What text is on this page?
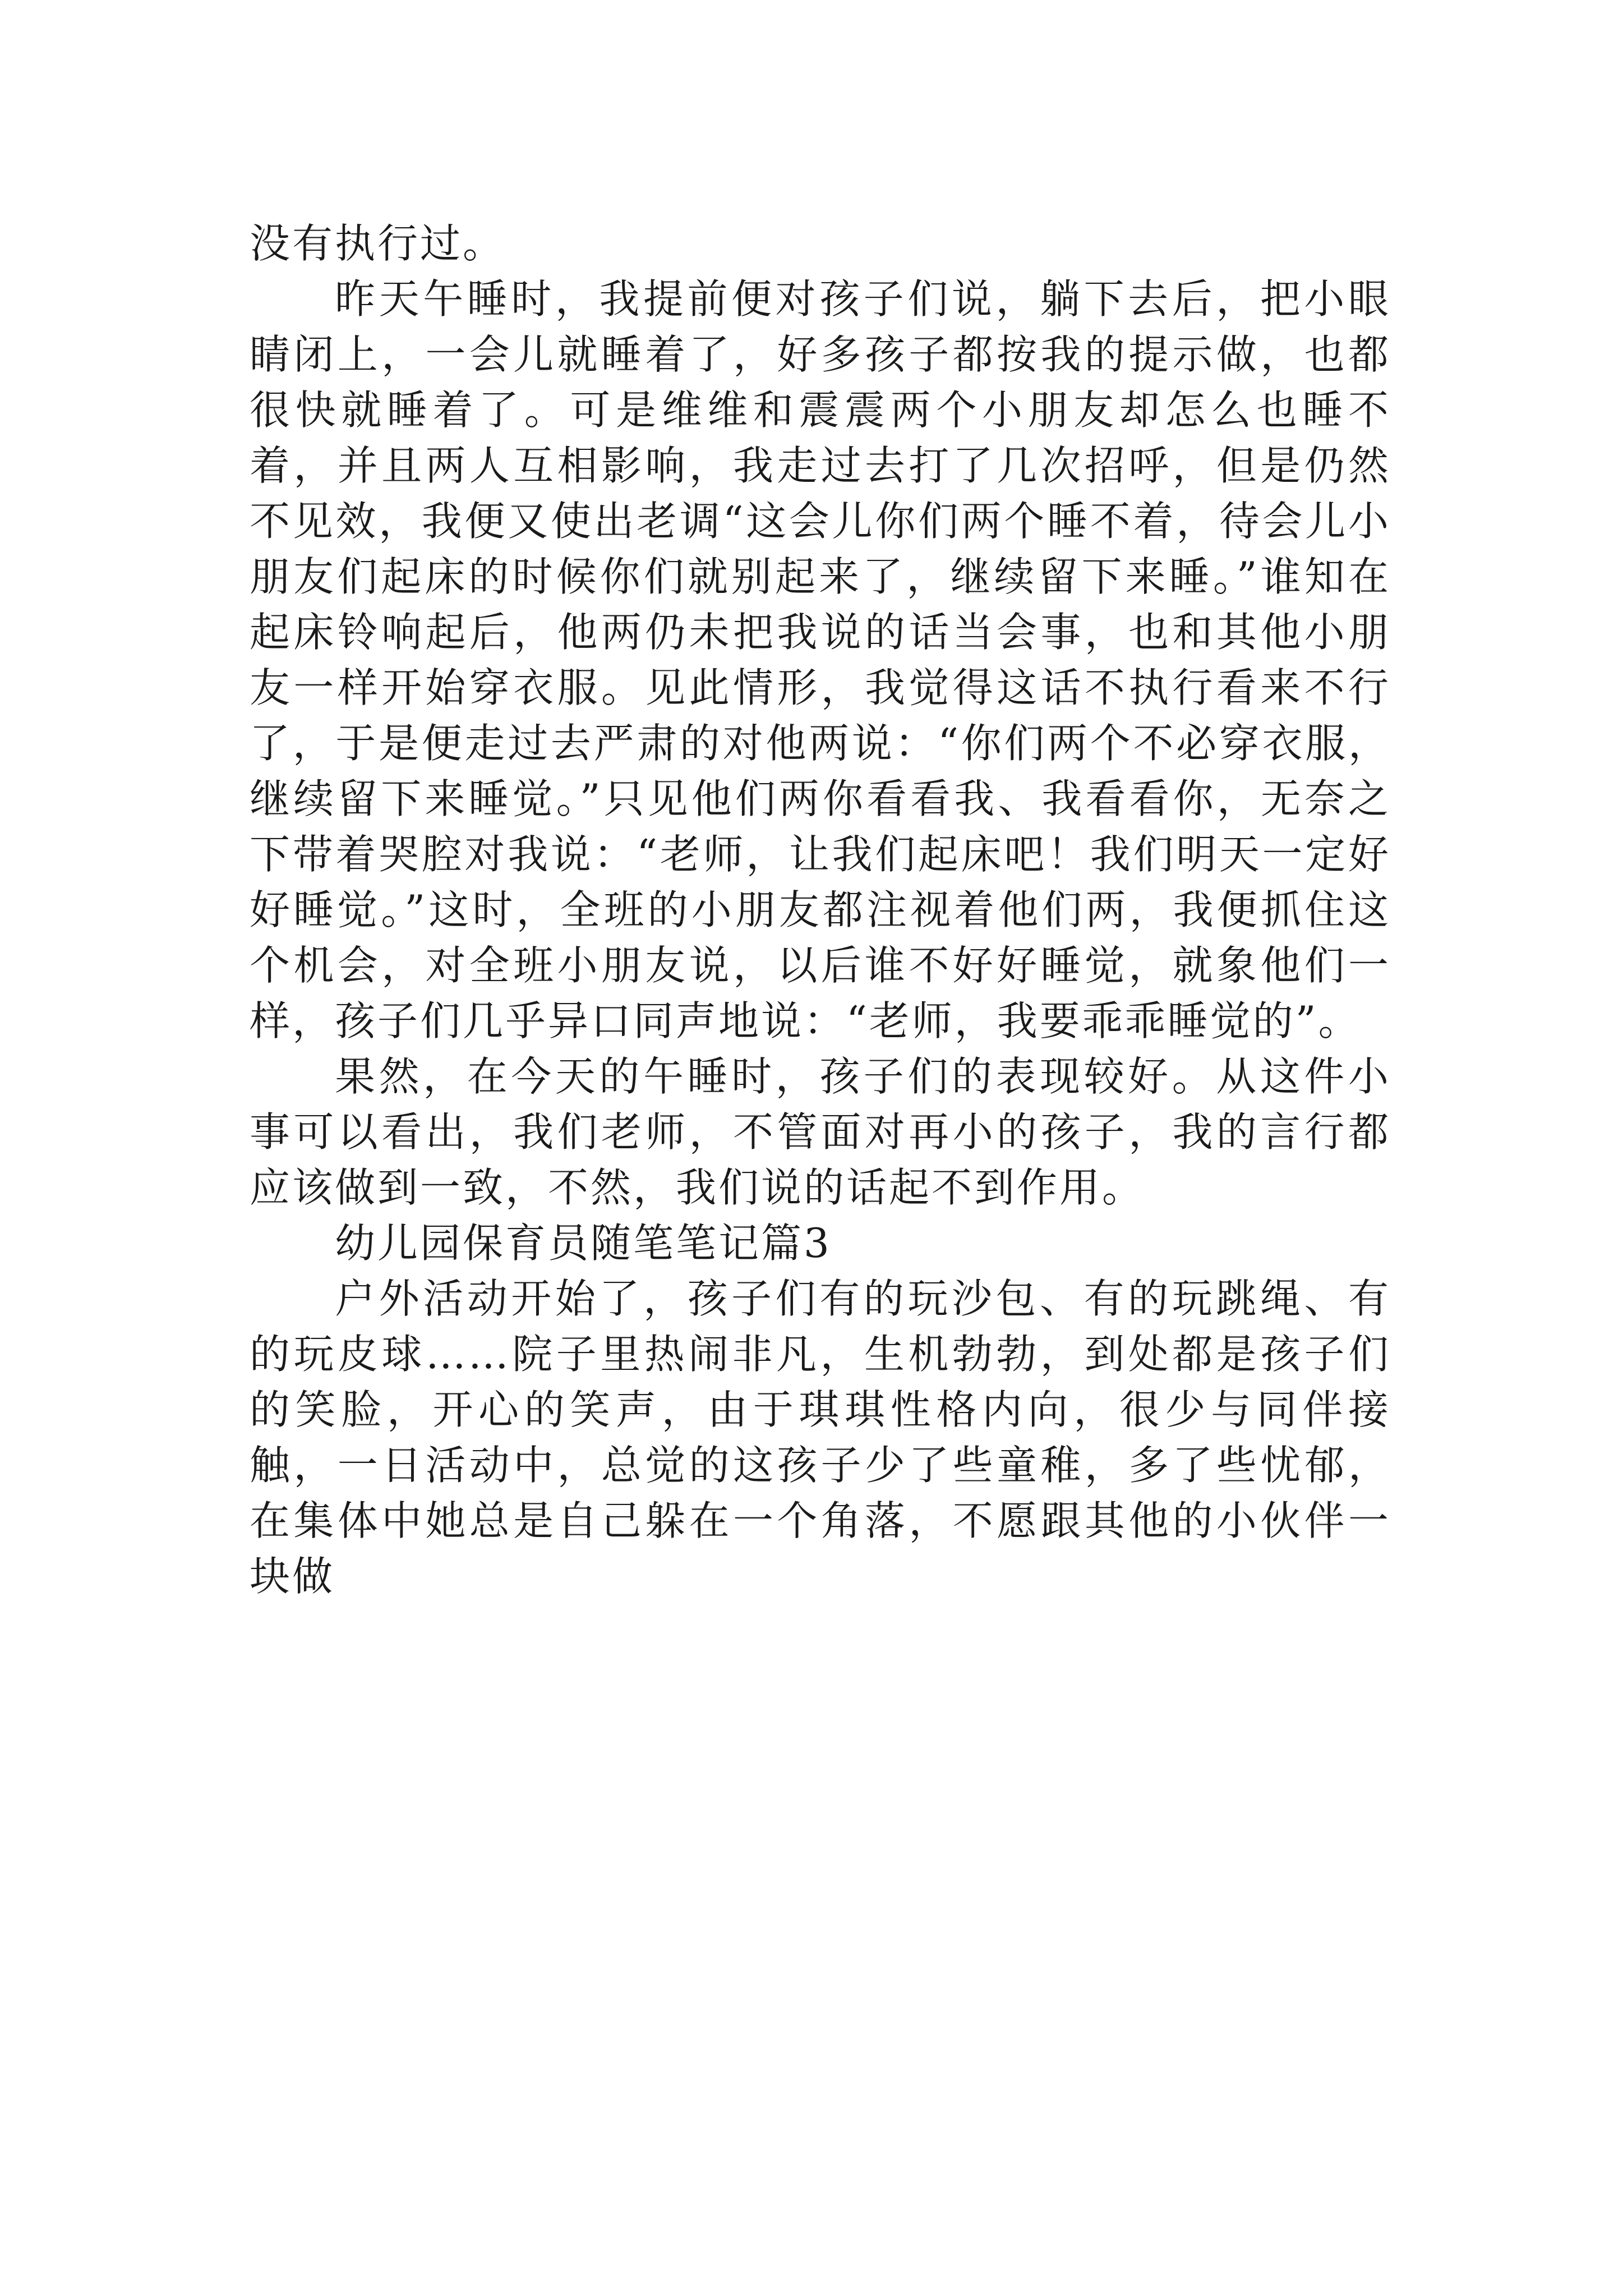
没有执行过。

昨天午睡时，我提前便对孩子们说，躺下去后，把小眼睛闭上，一会儿就睡着了，好多孩子都按我的提示做，也都很快就睡着了。可是维维和震震两个小朋友却怎么也睡不着，并且两人互相影响，我走过去打了几次招呼，但是仍然不见效，我便又使出老调“这会儿你们两个睡不着，待会儿小朋友们起床的时候你们就别起来了，继续留下来睡。”谁知在起床铃响起后，他两仍未把我说的话当会事，也和其他小朋友一样开始穿衣服。见此情形，我觉得这话不执行看来不行了，于是便走过去严肃的对他两说：“你们两个不必穿衣服，继续留下来睡觉。”只见他们两你看看我、我看看你，无奈之下带着哭腔对我说：“老师，让我们起床吧！我们明天一定好好睡觉。”这时，全班的小朋友都注视着他们两，我便抓住这个机会，对全班小朋友说，以后谁不好好睡觉，就象他们一样，孩子们几乎异口同声地说：“老师，我要乖乖睡觉的”。

果然，在今天的午睡时，孩子们的表现较好。从这件小事可以看出，我们老师，不管面对再小的孩子，我的言行都应该做到一致，不然，我们说的话起不到作用。

幼儿园保育员随笔笔记篇3

户外活动开始了，孩子们有的玩沙包、有的玩跳绳、有的玩皮球……院子里热闹非凡，生机勃勃，到处都是孩子们的笑脸，开心的笑声，由于琪琪性格内向，很少与同伴接触，一日活动中，总觉的这孩子少了些童稚，多了些忧郁，在集体中她总是自己躲在一个角落，不愿跟其他的小伙伴一块做
